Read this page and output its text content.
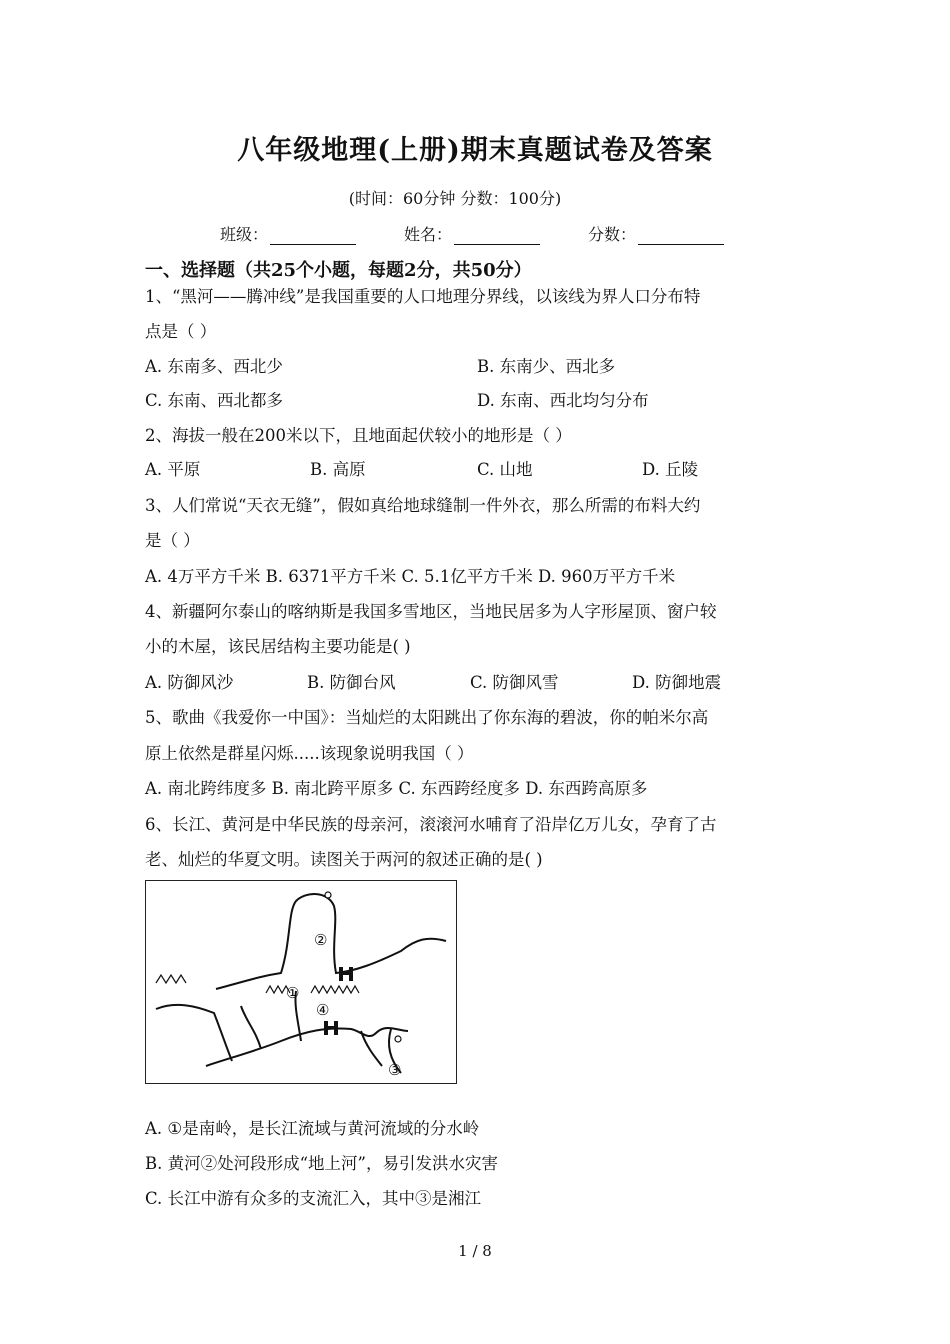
八年级地理(上册)期末真题试卷及答案
(时间：60分钟 分数：100分)
班级：	姓名：	分数：
一、选择题（共25个小题，每题2分，共50分）
1、“黑河——腾冲线”是我国重要的人口地理分界线，以该线为界人口分布特
点是（ ）
A. 东南多、西北少	B. 东南少、西北多
C. 东南、西北都多	D. 东南、西北均匀分布
2、海拔一般在200米以下，且地面起伏较小的地形是（ ）
A. 平原	B. 高原	C. 山地	D. 丘陵
3、人们常说“天衣无缝”，假如真给地球缝制一件外衣，那么所需的布料大约
是（ ）
A. 4万平方千米 B. 6371平方千米 C. 5.1亿平方千米 D. 960万平方千米
4、新疆阿尔泰山的喀纳斯是我国多雪地区，当地民居多为人字形屋顶、窗户较
小的木屋，该民居结构主要功能是( )
A. 防御风沙	B. 防御台风	C. 防御风雪	D. 防御地震
5、歌曲《我爱你一中国》：当灿烂的太阳跳出了你东海的碧波，你的帕米尔高
原上依然是群星闪烁.....该现象说明我国（ ）
A. 南北跨纬度多 B. 南北跨平原多 C. 东西跨经度多 D. 东西跨高原多
6、长江、黄河是中华民族的母亲河，滚滚河水哺育了沿岸亿万儿女，孕育了古
老、灿烂的华夏文明。读图关于两河的叙述正确的是( )
②
①
④
③
A. ①是南岭，是长江流域与黄河流域的分水岭
B. 黄河②处河段形成“地上河”，易引发洪水灾害
C. 长江中游有众多的支流汇入，其中③是湘江
1 / 8
